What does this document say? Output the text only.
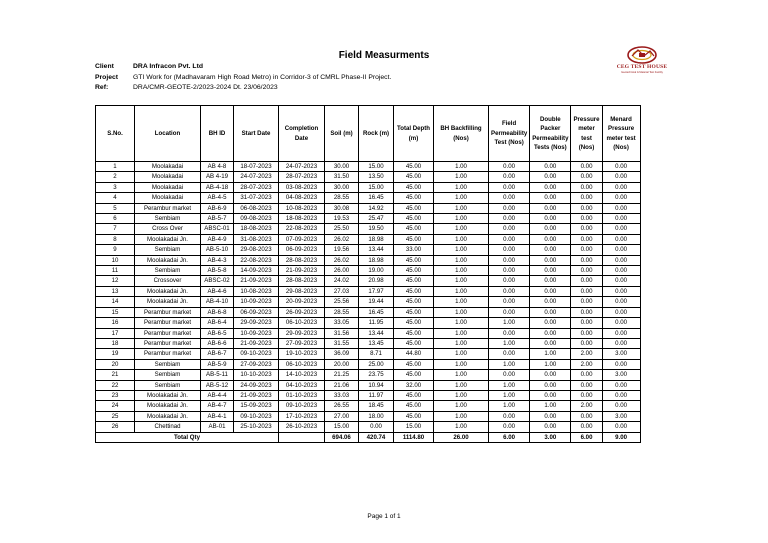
Field Measurments
Client	DRA Infracon Pvt. Ltd
Project	GTI Work for (Madhavaram High Road Metro) in Corridor-3 of CMRL Phase-II Project.
Ref:	DRA/CMR-GEOTE-2/2023-2024 Dt. 23/06/2023
CEG TEST HOUSE
Geotechnical & Material Test Facility
S.No.	Location	BH ID	Start Date	Completion Date	Soil (m)	Rock (m)	Total Depth (m)	BH Backfilling (Nos)	Field Permeability Test (Nos)	Double Packer Permeability Tests (Nos)	Pressure meter test (Nos)	Menard Pressure meter test (Nos)
1	Moolakadai	AB 4-8	18-07-2023	24-07-2023	30.00	15.00	45.00	1.00	0.00	0.00	0.00	0.00
2	Moolakadai	AB 4-19	24-07-2023	28-07-2023	31.50	13.50	45.00	1.00	0.00	0.00	0.00	0.00
3	Moolakadai	AB-4-18	28-07-2023	03-08-2023	30.00	15.00	45.00	1.00	0.00	0.00	0.00	0.00
4	Moolakadai	AB-4-5	31-07-2023	04-08-2023	28.55	16.45	45.00	1.00	0.00	0.00	0.00	0.00
5	Perambur market	AB-6-9	06-08-2023	10-08-2023	30.08	14.92	45.00	1.00	0.00	0.00	0.00	0.00
6	Sembiam	AB-5-7	09-08-2023	18-08-2023	19.53	25.47	45.00	1.00	0.00	0.00	0.00	0.00
7	Cross Over	ABSC-01	18-08-2023	22-08-2023	25.50	19.50	45.00	1.00	0.00	0.00	0.00	0.00
8	Moolakadai Jn.	AB-4-9	31-08-2023	07-09-2023	26.02	18.98	45.00	1.00	0.00	0.00	0.00	0.00
9	Sembiam	AB-5-10	29-08-2023	06-09-2023	19.56	13.44	33.00	1.00	0.00	0.00	0.00	0.00
10	Moolakadai Jn.	AB-4-3	22-08-2023	28-08-2023	26.02	18.98	45.00	1.00	0.00	0.00	0.00	0.00
11	Sembiam	AB-5-8	14-09-2023	21-09-2023	26.00	19.00	45.00	1.00	0.00	0.00	0.00	0.00
12	Crossover	ABSC-02	21-09-2023	28-08-2023	24.02	20.98	45.00	1.00	0.00	0.00	0.00	0.00
13	Moolakadai Jn.	AB-4-6	10-08-2023	29-08-2023	27.03	17.97	45.00	1.00	0.00	0.00	0.00	0.00
14	Moolakadai Jn.	AB-4-10	10-09-2023	20-09-2023	25.56	19.44	45.00	1.00	0.00	0.00	0.00	0.00
15	Perambur market	AB-6-8	06-09-2023	26-09-2023	28.55	16.45	45.00	1.00	0.00	0.00	0.00	0.00
16	Perambur market	AB-6-4	29-09-2023	06-10-2023	33.05	11.95	45.00	1.00	1.00	0.00	0.00	0.00
17	Perambur market	AB-6-5	10-09-2023	29-09-2023	31.56	13.44	45.00	1.00	0.00	0.00	0.00	0.00
18	Perambur market	AB-6-6	21-09-2023	27-09-2023	31.55	13.45	45.00	1.00	1.00	0.00	0.00	0.00
19	Perambur market	AB-6-7	09-10-2023	19-10-2023	36.09	8.71	44.80	1.00	0.00	1.00	2.00	3.00
20	Sembiam	AB-5-9	27-09-2023	06-10-2023	20.00	25.00	45.00	1.00	1.00	1.00	2.00	0.00
21	Sembiam	AB-5-11	10-10-2023	14-10-2023	21.25	23.75	45.00	1.00	0.00	0.00	0.00	3.00
22	Sembiam	AB-5-12	24-09-2023	04-10-2023	21.06	10.94	32.00	1.00	1.00	0.00	0.00	0.00
23	Moolakadai Jn.	AB-4-4	21-09-2023	01-10-2023	33.03	11.97	45.00	1.00	1.00	0.00	0.00	0.00
24	Moolakadai Jn.	AB-4-7	15-09-2023	09-10-2023	26.55	18.45	45.00	1.00	1.00	1.00	2.00	0.00
25	Moolakadai Jn.	AB-4-1	09-10-2023	17-10-2023	27.00	18.00	45.00	1.00	0.00	0.00	0.00	3.00
26	Chettinad	AB-01	25-10-2023	26-10-2023	15.00	0.00	15.00	1.00	0.00	0.00	0.00	0.00
Total Qty					694.06	420.74	1114.80	26.00	6.00	3.00	6.00	9.00
Page 1 of 1
